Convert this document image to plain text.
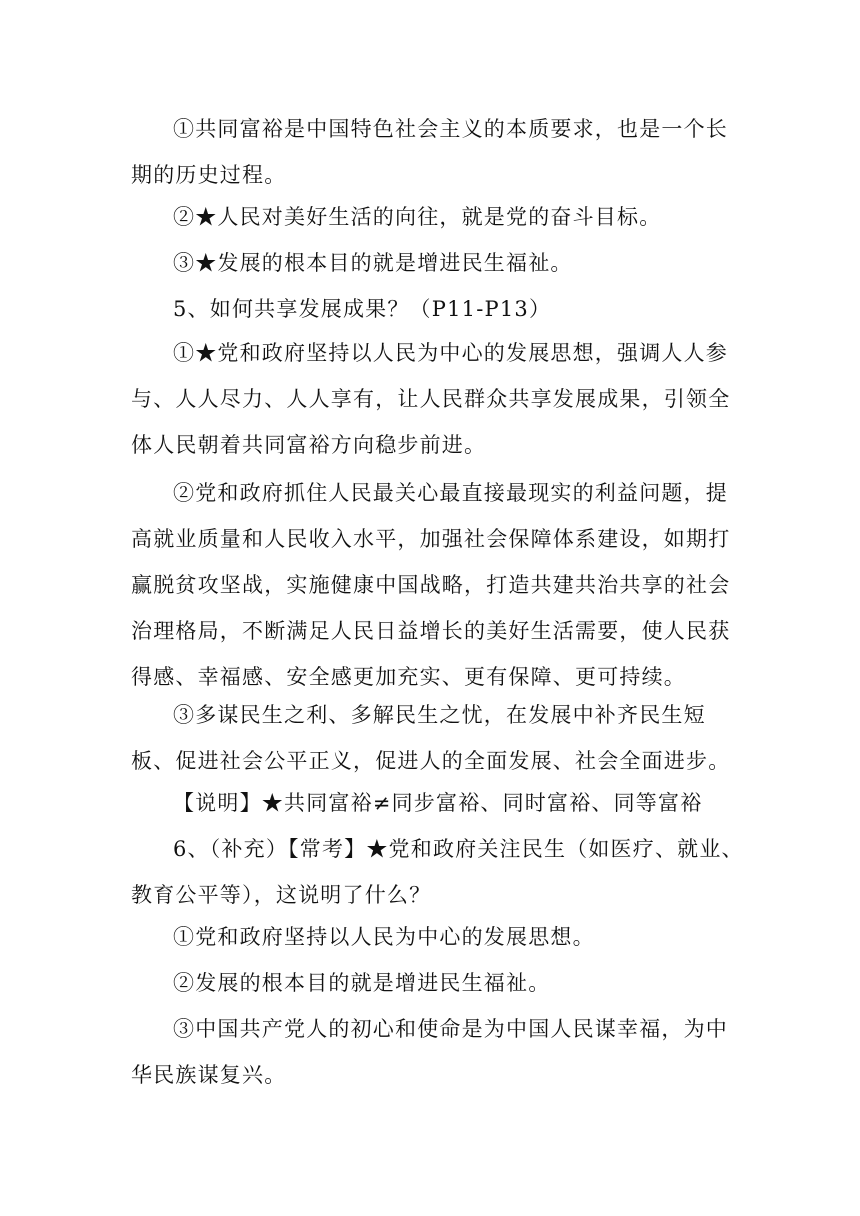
①共同富裕是中国特色社会主义的本质要求，也是一个长期的历史过程。

②★人民对美好生活的向往，就是党的奋斗目标。

③★发展的根本目的就是增进民生福祉。

5、如何共享发展成果？（P11-P13）

①★党和政府坚持以人民为中心的发展思想，强调人人参与、人人尽力、人人享有，让人民群众共享发展成果，引领全体人民朝着共同富裕方向稳步前进。

②党和政府抓住人民最关心最直接最现实的利益问题，提高就业质量和人民收入水平，加强社会保障体系建设，如期打赢脱贫攻坚战，实施健康中国战略，打造共建共治共享的社会治理格局，不断满足人民日益增长的美好生活需要，使人民获得感、幸福感、安全感更加充实、更有保障、更可持续。

③多谋民生之利、多解民生之忧，在发展中补齐民生短板、促进社会公平正义，促进人的全面发展、社会全面进步。

【说明】★共同富裕≠同步富裕、同时富裕、同等富裕

6、（补充）【常考】★党和政府关注民生（如医疗、就业、教育公平等），这说明了什么？

①党和政府坚持以人民为中心的发展思想。

②发展的根本目的就是增进民生福祉。

③中国共产党人的初心和使命是为中国人民谋幸福，为中华民族谋复兴。
